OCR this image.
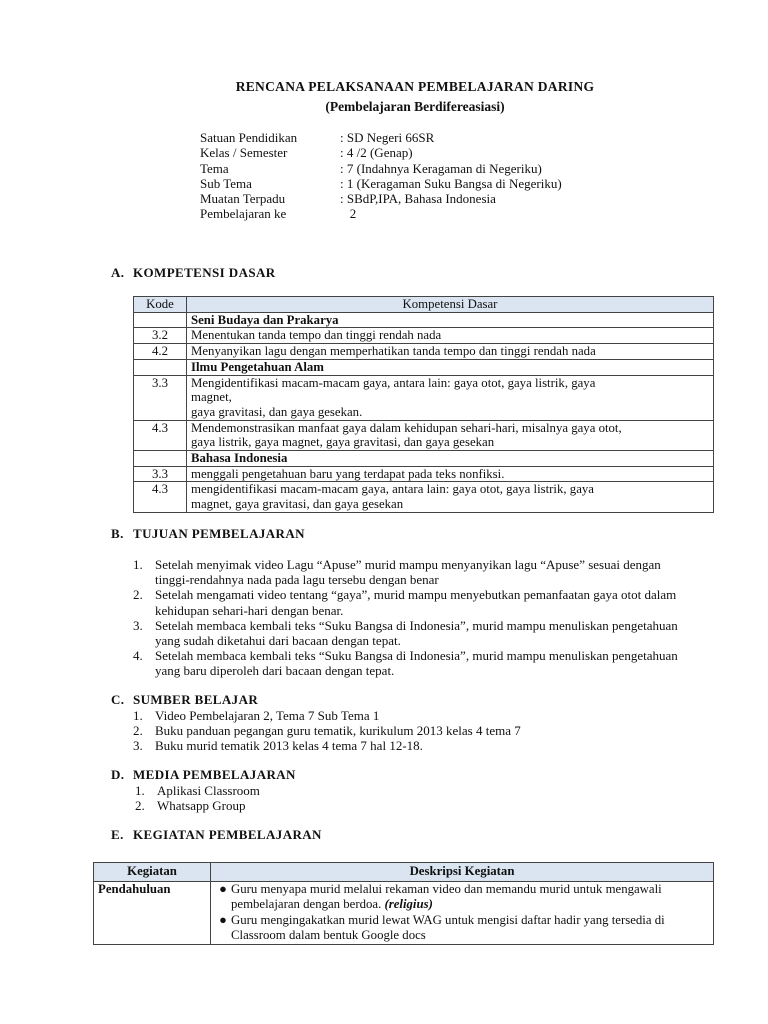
RENCANA PELAKSANAAN PEMBELAJARAN DARING
(Pembelajaran Berdifereasiasi)
Satuan Pendidikan	: SD Negeri 66SR
Kelas / Semester	: 4 /2 (Genap)
Tema	: 7 (Indahnya Keragaman di Negeriku)
Sub Tema	: 1 (Keragaman Suku Bangsa di Negeriku)
Muatan Terpadu	: SBdP,IPA, Bahasa Indonesia
Pembelajaran ke	2
A. KOMPETENSI DASAR
Kode	Kompetensi Dasar
	Seni Budaya dan Prakarya
3.2	Menentukan tanda tempo dan tinggi rendah nada
4.2	Menyanyikan lagu dengan memperhatikan tanda tempo dan tinggi rendah nada
	Ilmu Pengetahuan Alam
3.3	Mengidentifikasi macam-macam gaya, antara lain: gaya otot, gaya listrik, gaya
magnet,
gaya gravitasi, dan gaya gesekan.

4.3	Mendemonstrasikan manfaat gaya dalam kehidupan sehari-hari, misalnya gaya otot,
gaya listrik, gaya magnet, gaya gravitasi, dan gaya gesekan

	Bahasa Indonesia
3.3	menggali pengetahuan baru yang terdapat pada teks nonfiksi.
4.3	mengidentifikasi macam-macam gaya, antara lain: gaya otot, gaya listrik, gaya
magnet, gaya gravitasi, dan gaya gesekan
B. TUJUAN PEMBELAJARAN
1. Setelah menyimak video Lagu “Apuse” murid mampu menyanyikan lagu “Apuse” sesuai dengan tinggi-rendahnya nada pada lagu tersebu dengan benar
2. Setelah mengamati video tentang “gaya”, murid mampu menyebutkan pemanfaatan gaya otot dalam kehidupan sehari-hari dengan benar.
3. Setelah membaca kembali teks “Suku Bangsa di Indonesia”, murid mampu menuliskan pengetahuan yang sudah diketahui dari bacaan dengan tepat.
4. Setelah membaca kembali teks “Suku Bangsa di Indonesia”, murid mampu menuliskan pengetahuan yang baru diperoleh dari bacaan dengan tepat.
C. SUMBER BELAJAR
1. Video Pembelajaran 2, Tema 7 Sub Tema 1
2. Buku panduan pegangan guru tematik, kurikulum 2013 kelas 4 tema 7
3. Buku murid tematik 2013 kelas 4 tema 7 hal 12-18.
D. MEDIA PEMBELAJARAN
1. Aplikasi Classroom
2. Whatsapp Group
E. KEGIATAN PEMBELAJARAN
Kegiatan	Deskripsi Kegiatan
Pendahuluan	● Guru menyapa murid melalui rekaman video dan memandu murid untuk mengawali pembelajaran dengan berdoa. (religius)
● Guru mengingakatkan murid lewat WAG untuk mengisi daftar hadir yang tersedia di Classroom dalam bentuk Google docs
